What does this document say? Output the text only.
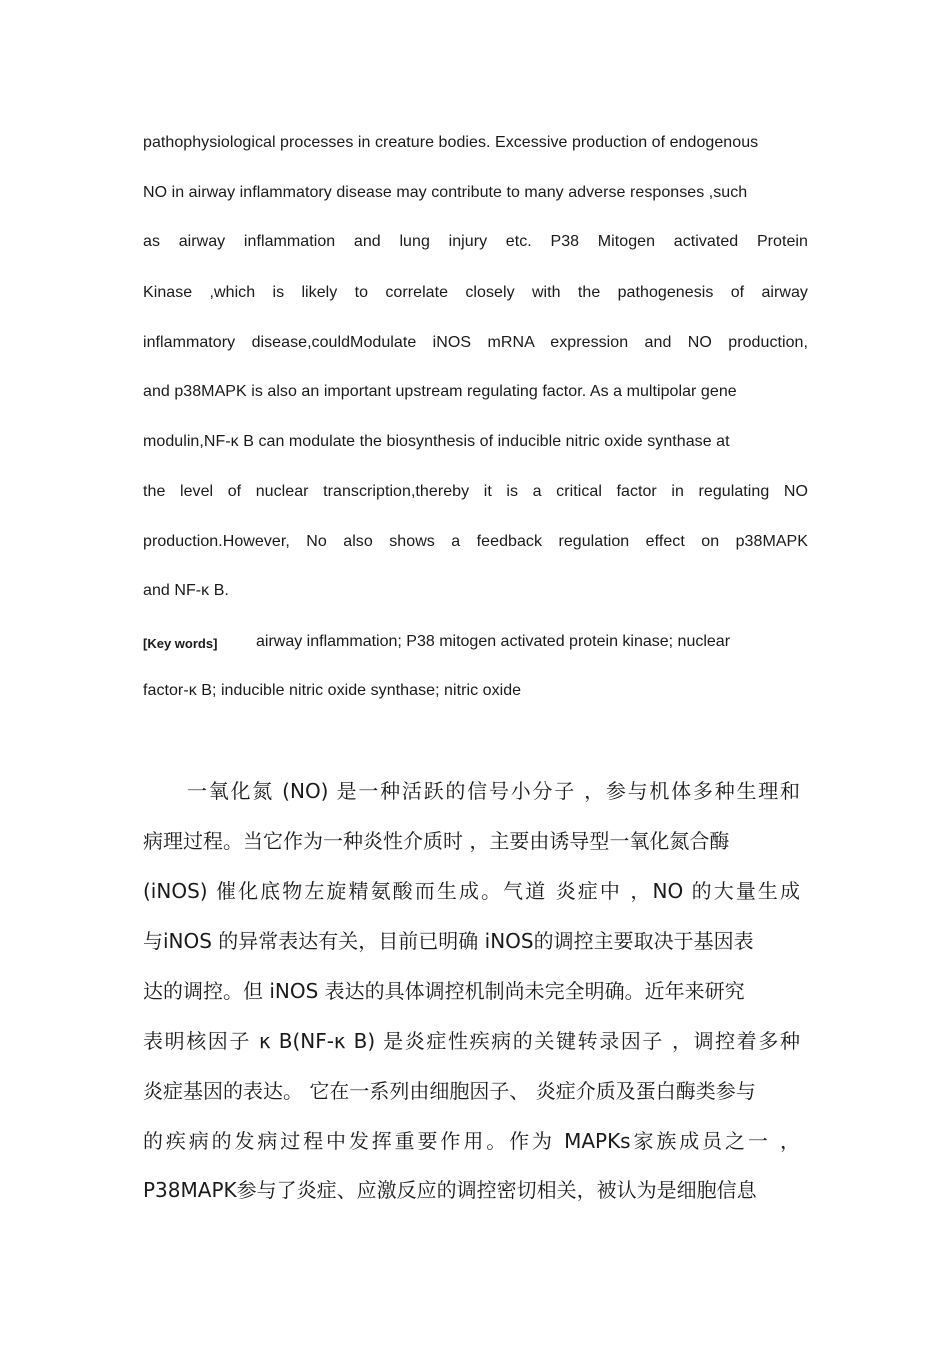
pathophysiological processes in creature bodies. Excessive production of endogenous
NO in airway inflammatory disease may contribute to many adverse responses ,such
as airway inflammation and lung injury etc. P38 Mitogen activated Protein
Kinase ,which is likely to correlate closely with the pathogenesis of airway
inflammatory disease,couldModulate iNOS mRNA expression and NO production,
and p38MAPK is also an important upstream regulating factor. As a multipolar gene
modulin,NF-κ B can modulate the biosynthesis of inducible nitric oxide synthase at
the level of nuclear transcription,thereby it is a critical factor in regulating NO
production.However, No also shows a feedback regulation effect on p38MAPK
and NF-κ B.
[Key words] airway inflammation; P38 mitogen activated protein kinase; nuclear
factor-κ B; inducible nitric oxide synthase; nitric oxide
一氧化氮 (NO) 是一种活跃的信号小分子 ，参与机体多种生理和
病理过程。当它作为一种炎性介质时 ，主要由诱导型一氧化氮合酶
(iNOS) 催化底物左旋精氨酸而生成。气道 炎症中 ，NO 的大量生成
与iNOS 的异常表达有关，目前已明确 iNOS的调控主要取决于基因表
达的调控。但 iNOS 表达的具体调控机制尚未完全明确。近年来研究
表明核因子 κ B(NF-κ B) 是炎症性疾病的关键转录因子 ，调控着多种
炎症基因的表达。 它在一系列由细胞因子、 炎症介质及蛋白酶类参与
的疾病的发病过程中发挥重要作用。作为 MAPKs家族成员之一 ，
P38MAPK参与了炎症、应激反应的调控密切相关，被认为是细胞信息
